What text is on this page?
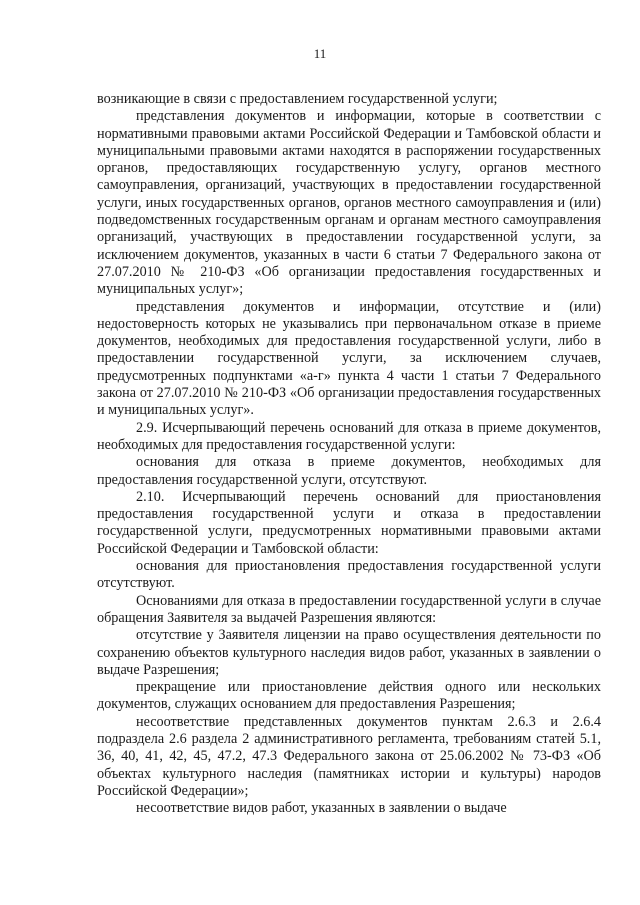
11

возникающие в связи с предоставлением государственной услуги;

представления документов и информации, которые в соответствии с нормативными правовыми актами Российской Федерации и Тамбовской области и муниципальными правовыми актами находятся в распоряжении государственных органов, предоставляющих государственную услугу, органов местного самоуправления, организаций, участвующих в предоставлении государственной услуги, иных государственных органов, органов местного самоуправления и (или) подведомственных государственным органам и органам местного самоуправления организаций, участвующих в предоставлении государственной услуги, за исключением документов, указанных в части 6 статьи 7 Федерального закона от 27.07.2010 № 210-ФЗ «Об организации предоставления государственных и муниципальных услуг»;

представления документов и информации, отсутствие и (или) недостоверность которых не указывались при первоначальном отказе в приеме документов, необходимых для предоставления государственной услуги, либо в предоставлении государственной услуги, за исключением случаев, предусмотренных подпунктами «а-г» пункта 4 части 1 статьи 7 Федерального закона от 27.07.2010 № 210-ФЗ «Об организации предоставления государственных и муниципальных услуг».

2.9. Исчерпывающий перечень оснований для отказа в приеме документов, необходимых для предоставления государственной услуги:

основания для отказа в приеме документов, необходимых для предоставления государственной услуги, отсутствуют.

2.10. Исчерпывающий перечень оснований для приостановления предоставления государственной услуги и отказа в предоставлении государственной услуги, предусмотренных нормативными правовыми актами Российской Федерации и Тамбовской области:

основания для приостановления предоставления государственной услуги отсутствуют.

Основаниями для отказа в предоставлении государственной услуги в случае обращения Заявителя за выдачей Разрешения являются:

отсутствие у Заявителя лицензии на право осуществления деятельности по сохранению объектов культурного наследия видов работ, указанных в заявлении о выдаче Разрешения;

прекращение или приостановление действия одного или нескольких документов, служащих основанием для предоставления Разрешения;

несоответствие представленных документов пунктам 2.6.3 и 2.6.4 подраздела 2.6 раздела 2 административного регламента, требованиям статей 5.1, 36, 40, 41, 42, 45, 47.2, 47.3 Федерального закона от 25.06.2002 № 73-ФЗ «Об объектах культурного наследия (памятниках истории и культуры) народов Российской Федерации»;

несоответствие видов работ, указанных в заявлении о выдаче
